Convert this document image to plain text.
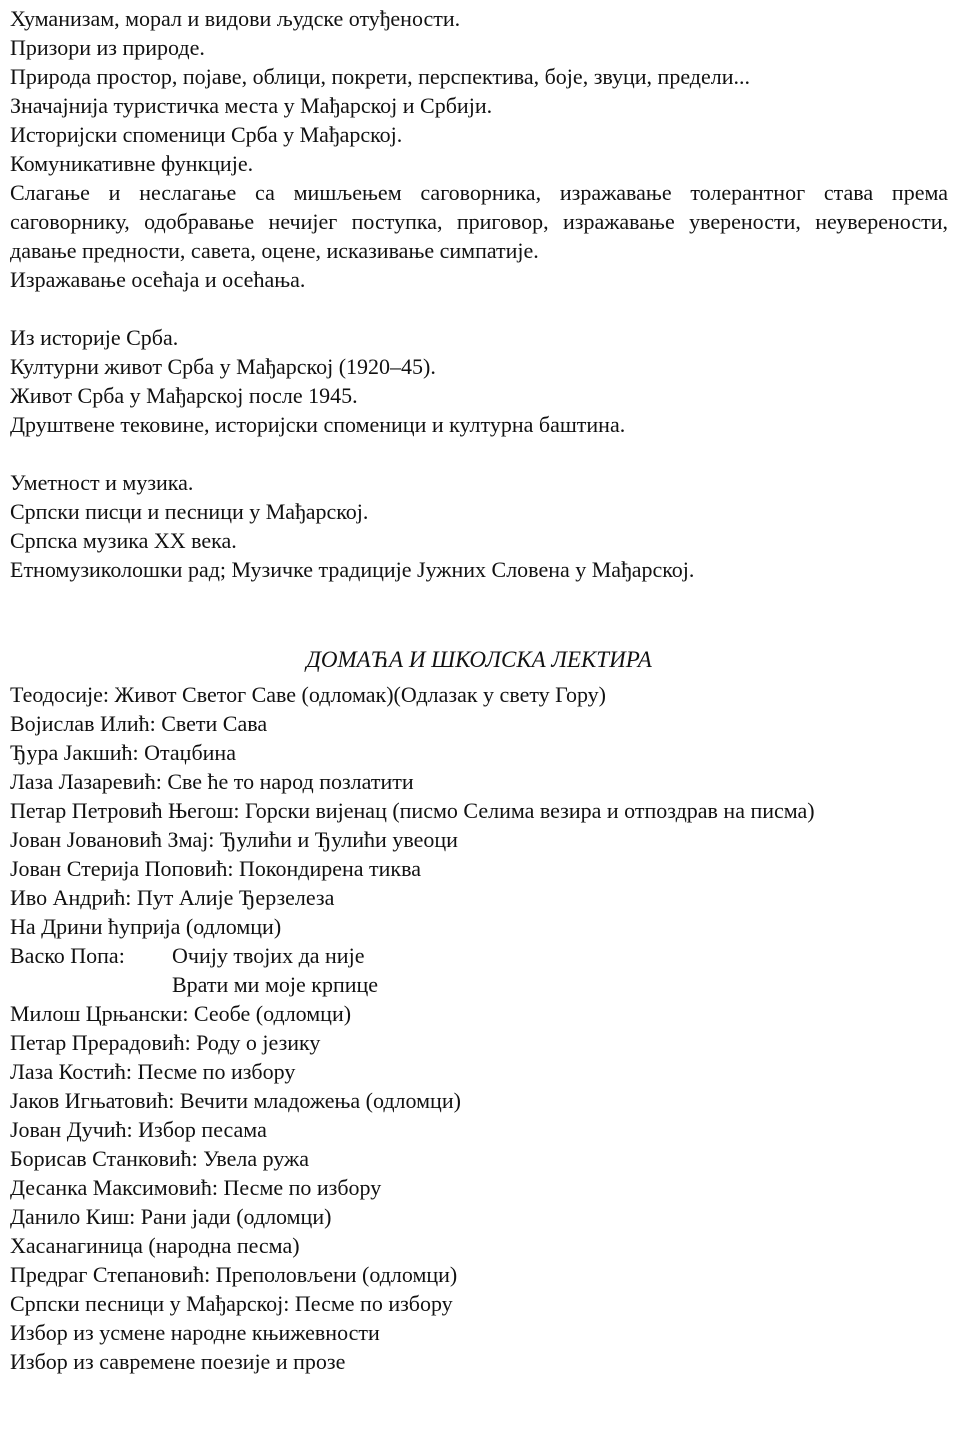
Хуманизам, морал и видови људске отуђености.

Призори из природе.

Природа простор, појаве, облици, покрети, перспектива, боје, звуци, предели...

Значајнија туристичка места у Мађарској и Србији.

Историјски споменици Срба у Мађарској.

Комуникативне функције.

Слагање и неслагање са мишљењем саговорника, изражавање толерантног става према саговорнику, одобравање нечијег поступка, приговор, изражавање уверености, неуверености, давање предности, савета, оцене, исказивање симпатије.

Изражавање осећаја и осећања.

Из историје Срба.

Културни живот Срба у Мађарској (1920–45).

Живот Срба у Мађарској после 1945.

Друштвене тековине, историјски споменици и културна баштина.

Уметност и музика.

Српски писци и песници у Мађарској.

Српска музика XX века.

Етномузиколошки рад; Музичке традиције Јужних Словена у Мађарској.

ДОМАЋА И ШКОЛСКА ЛЕКТИРА

Теодосије: Живот Светог Саве (одломак)(Одлазак у свету Гору)

Војислав Илић: Свети Сава

Ђура Јакшић: Отаџбина

Лаза Лазаревић: Све ће то народ позлатити

Петар Петровић Његош: Горски вијенац (писмо Селима везира и отпоздрав на писма)

Јован Јовановић Змај: Ђулићи и Ђулићи увеоци

Јован Стерија Поповић: Покондирена тиква

Иво Андрић: Пут Алије Ђерзелеза

На Дрини ћуприја (одломци)

Васко Попа: Очију твојих да није

Врати ми моје крпице

Милош Црњански: Сеобе (одломци)

Петар Прерадовић: Роду о језику

Лаза Костић: Песме по избору

Јаков Игњатовић: Вечити младожења (одломци)

Јован Дучић: Избор песама

Борисав Станковић: Увела ружа

Десанка Максимовић: Песме по избору

Данило Киш: Рани јади (одломци)

Хасанагиница (народна песма)

Предраг Степановић: Преполовљени (одломци)

Српски песници у Мађарској: Песме по избору

Избор из усмене народне књижевности

Избор из савремене поезије и прозе
